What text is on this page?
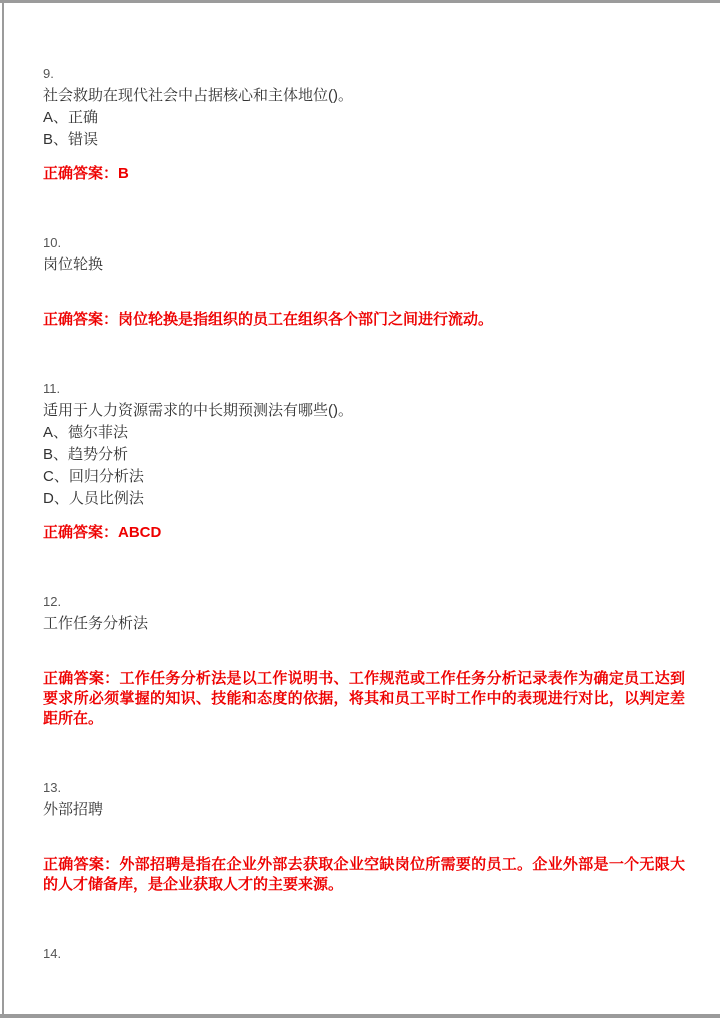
9.
社会救助在现代社会中占据核心和主体地位()。
A、正确
B、错误
正确答案：B
10.
岗位轮换
正确答案：岗位轮换是指组织的员工在组织各个部门之间进行流动。
11.
适用于人力资源需求的中长期预测法有哪些()。
A、德尔菲法
B、趋势分析
C、回归分析法
D、人员比例法
正确答案：ABCD
12.
工作任务分析法
正确答案：工作任务分析法是以工作说明书、工作规范或工作任务分析记录表作为确定员工达到要求所必须掌握的知识、技能和态度的依据，将其和员工平时工作中的表现进行对比，以判定差距所在。
13.
外部招聘
正确答案：外部招聘是指在企业外部去获取企业空缺岗位所需要的员工。企业外部是一个无限大的人才储备库，是企业获取人才的主要来源。
14.
